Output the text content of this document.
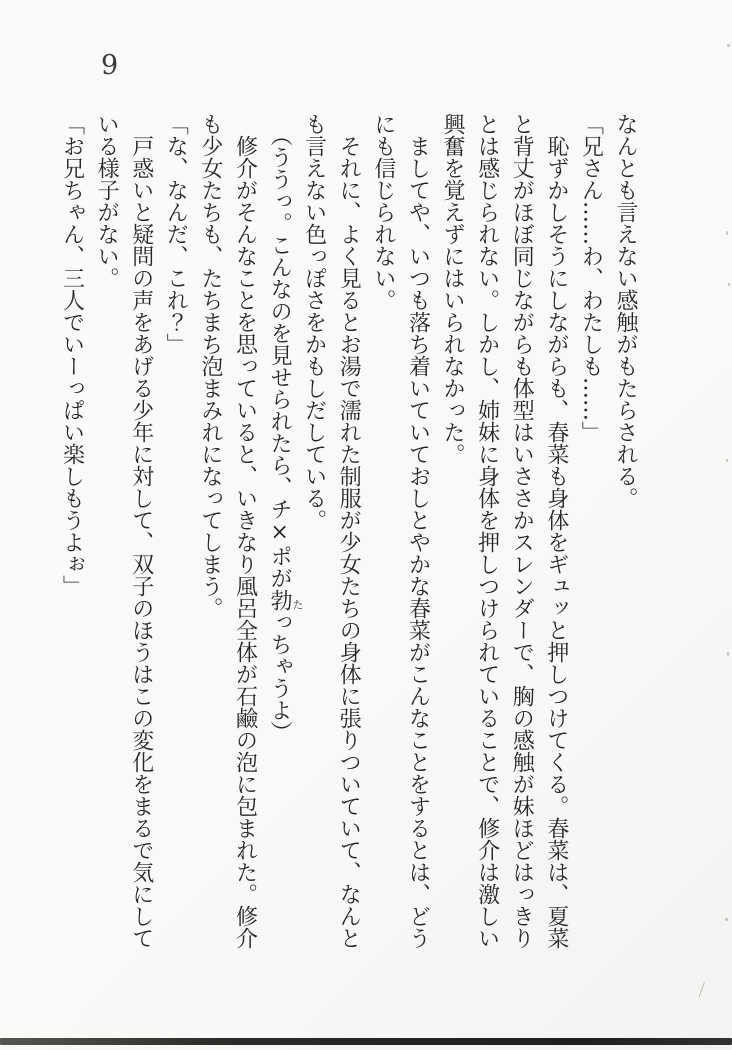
9
なんとも言えない感触がもたらされる。
「兄さん……わ、わたしも……」
　恥ずかしそうにしながらも、春菜も身体をギュッと押しつけてくる。春菜は、夏菜
と背丈がほぼ同じながらも体型はいささかスレンダーで、胸の感触が妹ほどはっきり
とは感じられない。しかし、姉妹に身体を押しつけられていることで、修介は激しい
興奮を覚えずにはいられなかった。
　ましてや、いつも落ち着いていておしとやかな春菜がこんなことをするとは、どう
にも信じられない。
　それに、よく見るとお湯で濡れた制服が少女たちの身体に張りついていて、なんと
も言えない色っぽさをかもしだしている。
　（ううっ。こんなのを見せられたら、チ×ポが勃っちゃうよ）
　修介がそんなことを思っていると、いきなり風呂全体が石鹼の泡に包まれた。修介
も少女たちも、たちまち泡まみれになってしまう。
「な、なんだ、これ？」
　戸惑いと疑問の声をあげる少年に対して、双子のほうはこの変化をまるで気にして
いる様子がない。
「お兄ちゃん、三人でいーっぱい楽しもうよぉ」
た
